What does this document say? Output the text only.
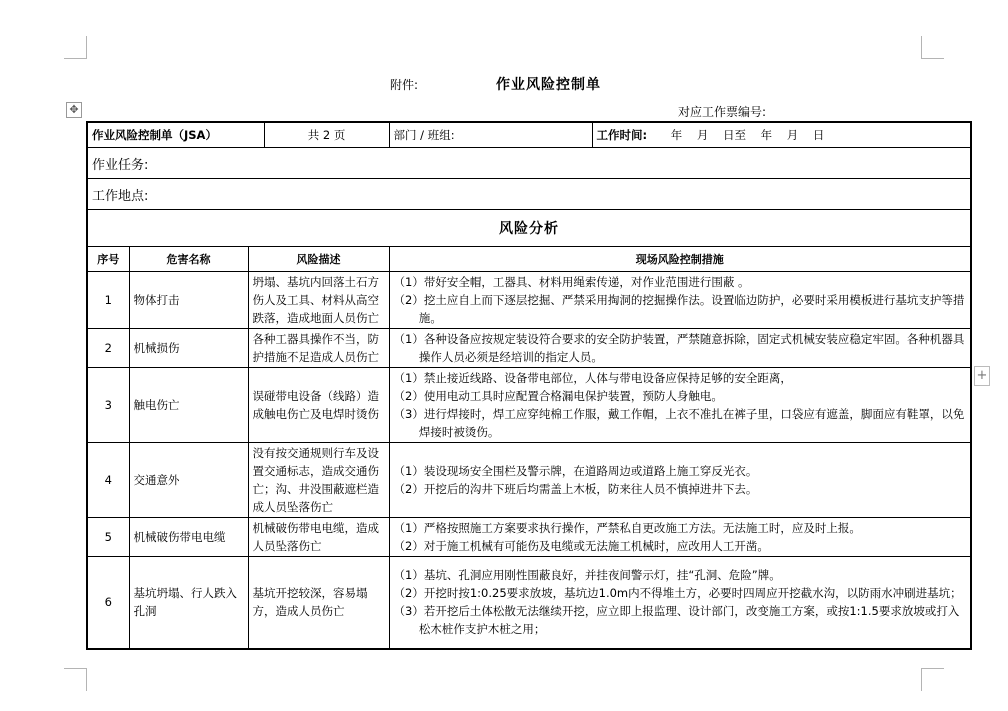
✥
+
附件:	作业风险控制单
对应工作票编号:
作业风险控制单（JSA）			共 2 页	部门 / 班组:	工作时间: 年    月    日至    年    月    日
作业任务:					
工作地点:					
风险分析					
序号	危害名称	风险描述		现场风险控制措施	
1	物体打击	坍塌、基坑内回落土石方伤人及工具、材料从高空跌落，造成地面人员伤亡		（1）带好安全帽，工器具、材料用绳索传递，对作业范围进行围蔽 。
（2）挖土应自上而下逐层挖掘、严禁采用掏洞的挖掘操作法。设置临边防护，必要时采用模板进行基坑支护等措施。	

2	机械损伤	各种工器具操作不当，防护措施不足造成人员伤亡		（1）各种设备应按规定装设符合要求的安全防护装置，严禁随意拆除，固定式机械安装应稳定牢固。各种机器具操作人员必须是经培训的指定人员。	

3	触电伤亡	误碰带电设备（线路）造成触电伤亡及电焊时烫伤		（1）禁止接近线路、设备带电部位，人体与带电设备应保持足够的安全距离，
（2）使用电动工具时应配置合格漏电保护装置，预防人身触电。
（3）进行焊接时，焊工应穿纯棉工作服，戴工作帽，上衣不准扎在裤子里，口袋应有遮盖，脚面应有鞋罩，以免焊接时被烫伤。	

4	交通意外	没有按交通规则行车及设置交通标志，造成交通伤亡；沟、井没围蔽遮栏造成人员坠落伤亡		（1）装设现场安全围栏及警示牌，在道路周边或道路上施工穿反光衣。
（2）开挖后的沟井下班后均需盖上木板，防来往人员不慎掉进井下去。	

5	机械破伤带电电缆	机械破伤带电电缆，造成人员坠落伤亡		（1）严格按照施工方案要求执行操作，严禁私自更改施工方法。无法施工时，应及时上报。
（2）对于施工机械有可能伤及电缆或无法施工机械时，应改用人工开凿。	

6	基坑坍塌、行人跌入孔洞	基坑开挖较深，容易塌方，造成人员伤亡		（1）基坑、孔洞应用刚性围蔽良好，并挂夜间警示灯，挂“孔洞、危险”牌。
（2）开挖时按1:0.25要求放坡，基坑边1.0m内不得堆土方，必要时四周应开挖截水沟，以防雨水冲刷进基坑；
（3）若开挖后土体松散无法继续开挖，应立即上报监理、设计部门，改变施工方案，或按1:1.5要求放坡或打入松木桩作支护木桩之用；	
